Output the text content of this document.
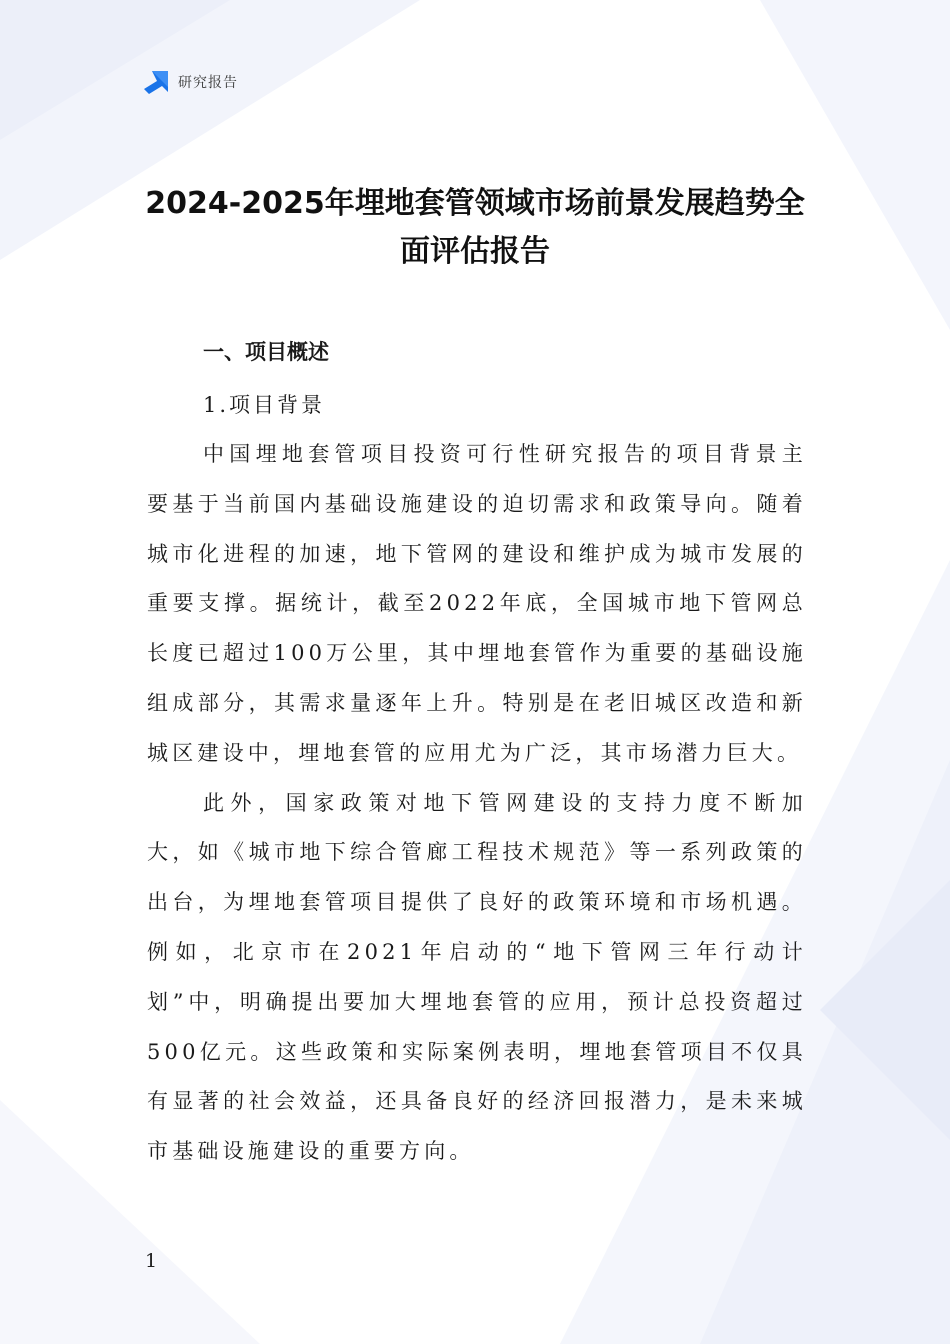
研究报告
2024-2025年埋地套管领域市场前景发展趋势全面评估报告
一、项目概述
1.项目背景

中国埋地套管项目投资可行性研究报告的项目背景主要基于当前国内基础设施建设的迫切需求和政策导向。随着城市化进程的加速，地下管网的建设和维护成为城市发展的重要支撑。据统计，截至2022年底，全国城市地下管网总长度已超过100万公里，其中埋地套管作为重要的基础设施组成部分，其需求量逐年上升。特别是在老旧城区改造和新城区建设中，埋地套管的应用尤为广泛，其市场潜力巨大。

此外，国家政策对地下管网建设的支持力度不断加大，如《城市地下综合管廊工程技术规范》等一系列政策的出台，为埋地套管项目提供了良好的政策环境和市场机遇。例如，北京市在2021年启动的“地下管网三年行动计划”中，明确提出要加大埋地套管的应用，预计总投资超过500亿元。这些政策和实际案例表明，埋地套管项目不仅具有显著的社会效益，还具备良好的经济回报潜力，是未来城市基础设施建设的重要方向。

1
